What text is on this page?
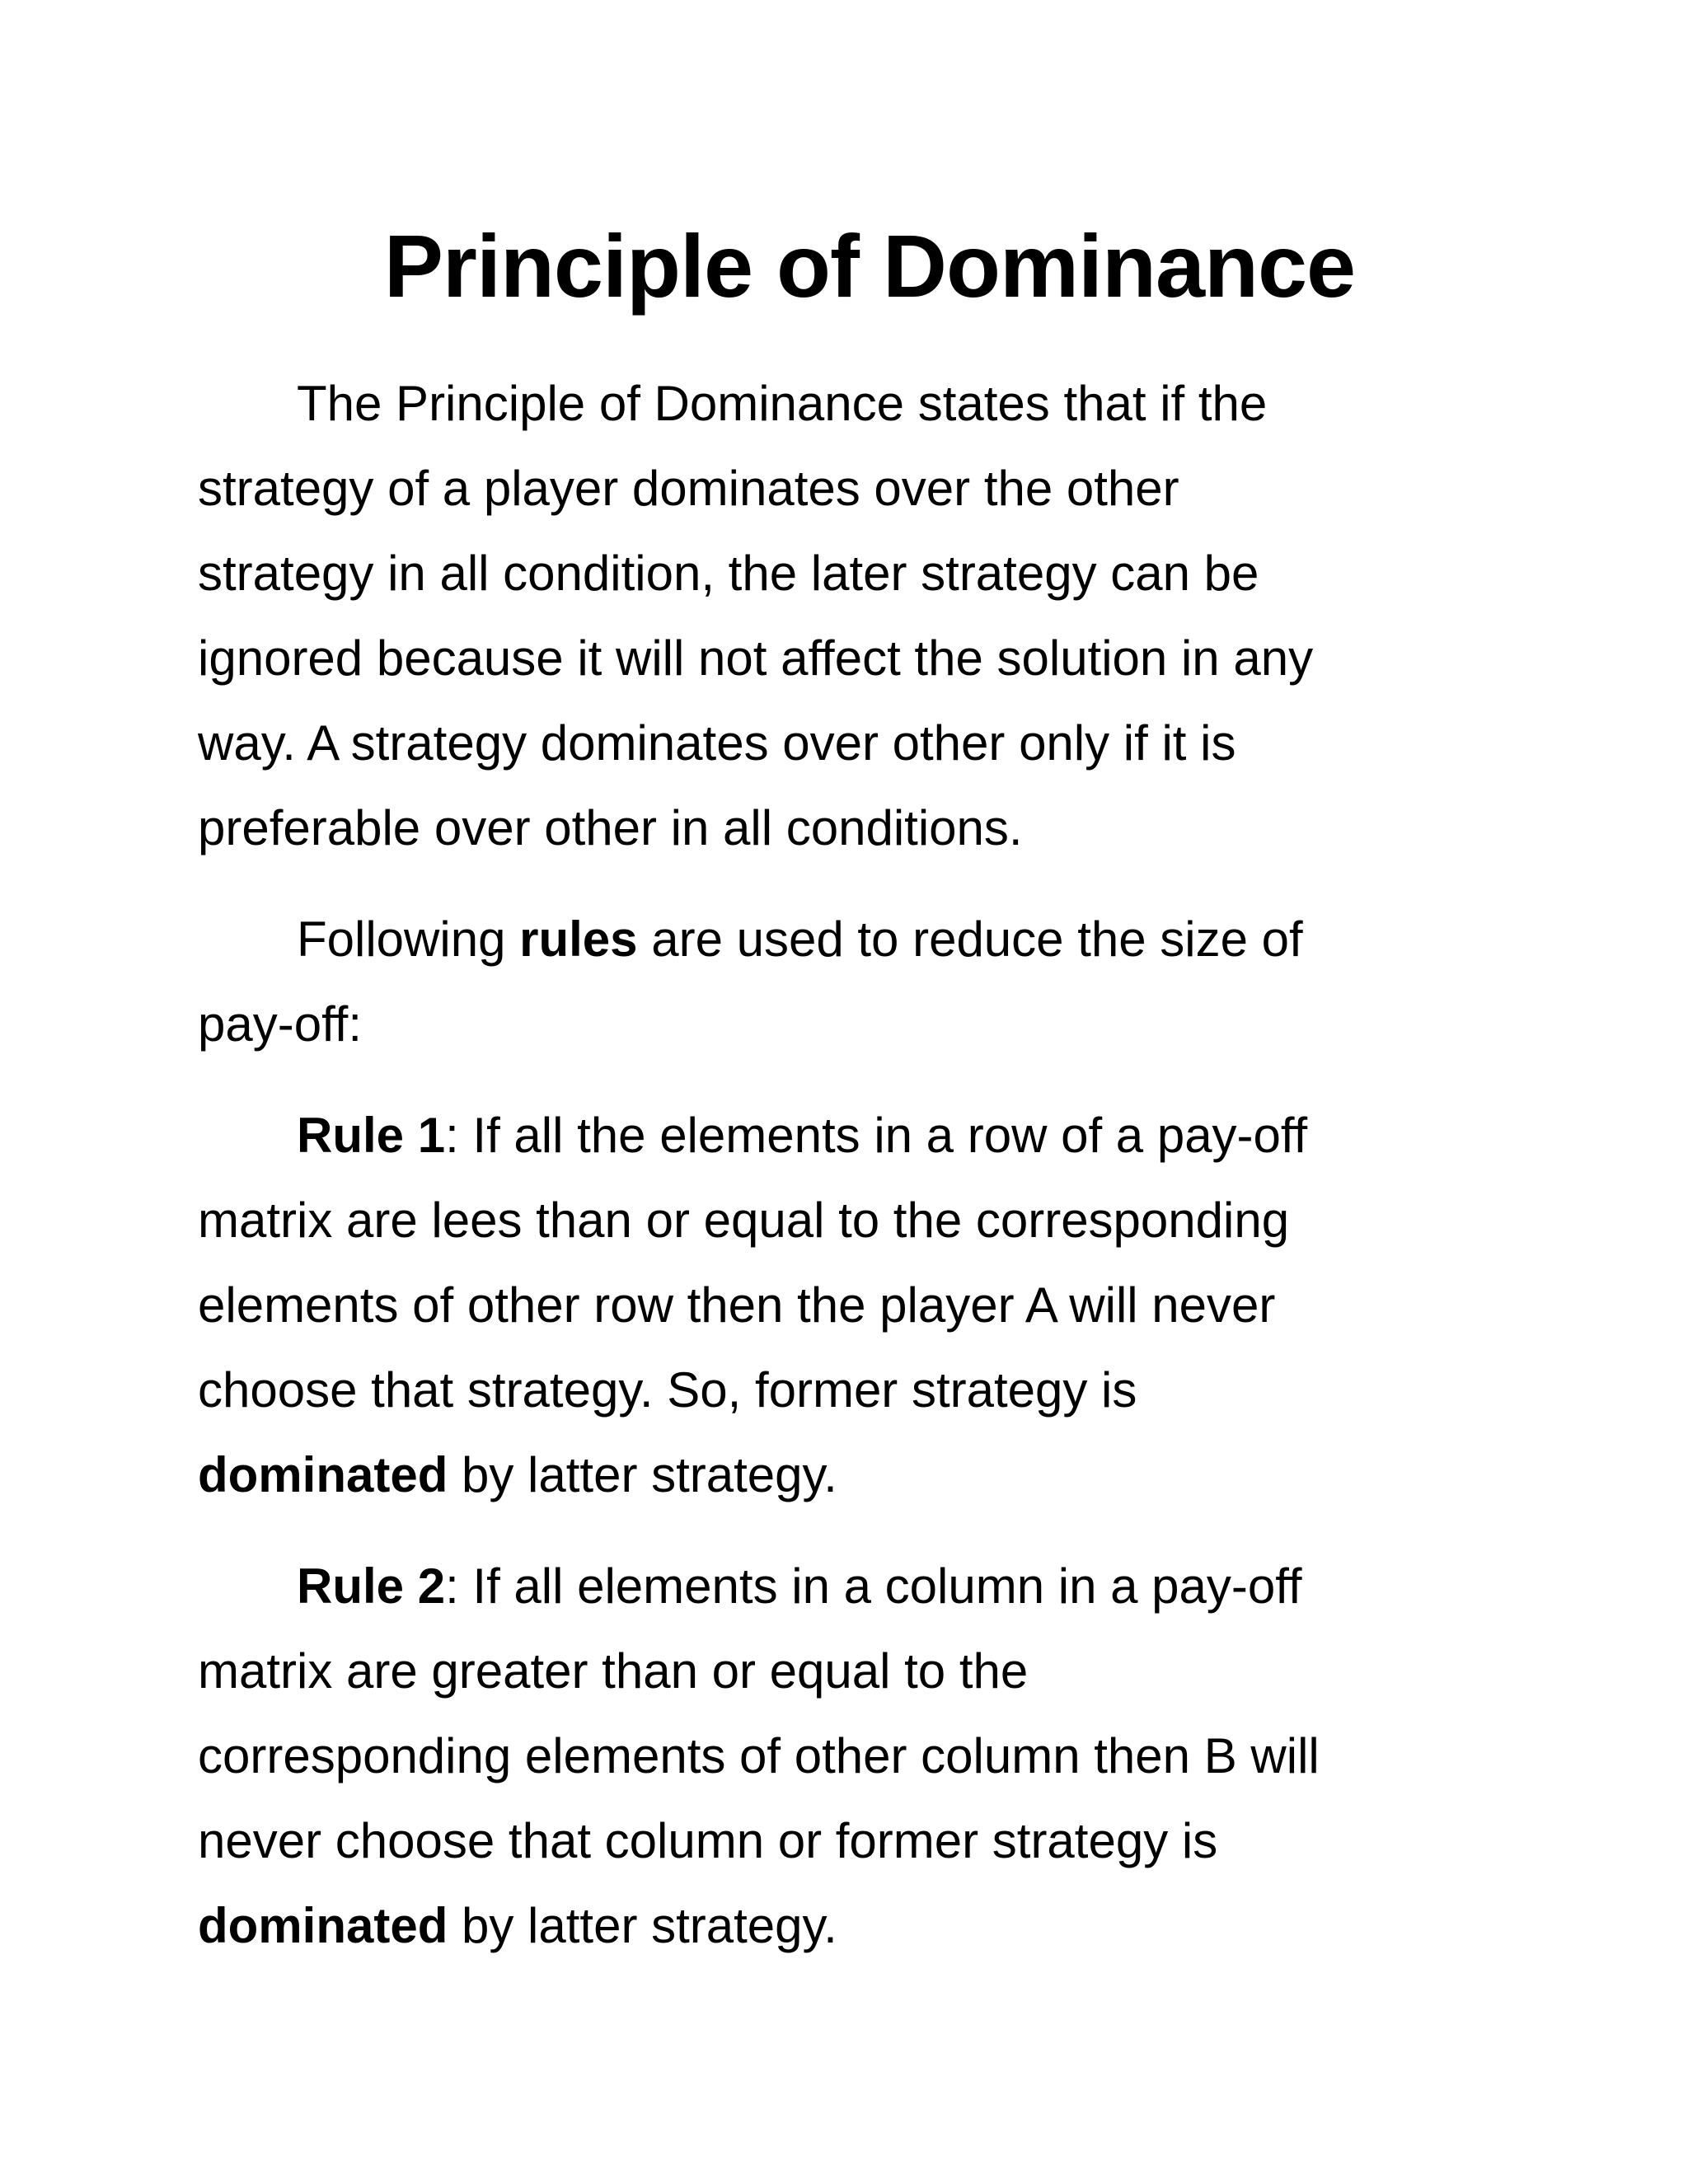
Principle of Dominance

The Principle of Dominance states that if the
strategy of a player dominates over the other
strategy in all condition, the later strategy can be
ignored because it will not affect the solution in any
way. A strategy dominates over other only if it is
preferable over other in all conditions.

Following rules are used to reduce the size of
pay-off:

Rule 1: If all the elements in a row of a pay-off
matrix are lees than or equal to the corresponding
elements of other row then the player A will never
choose that strategy. So, former strategy is
dominated by latter strategy.

Rule 2: If all elements in a column in a pay-off
matrix are greater than or equal to the
corresponding elements of other column then B will
never choose that column or former strategy is
dominated by latter strategy.
